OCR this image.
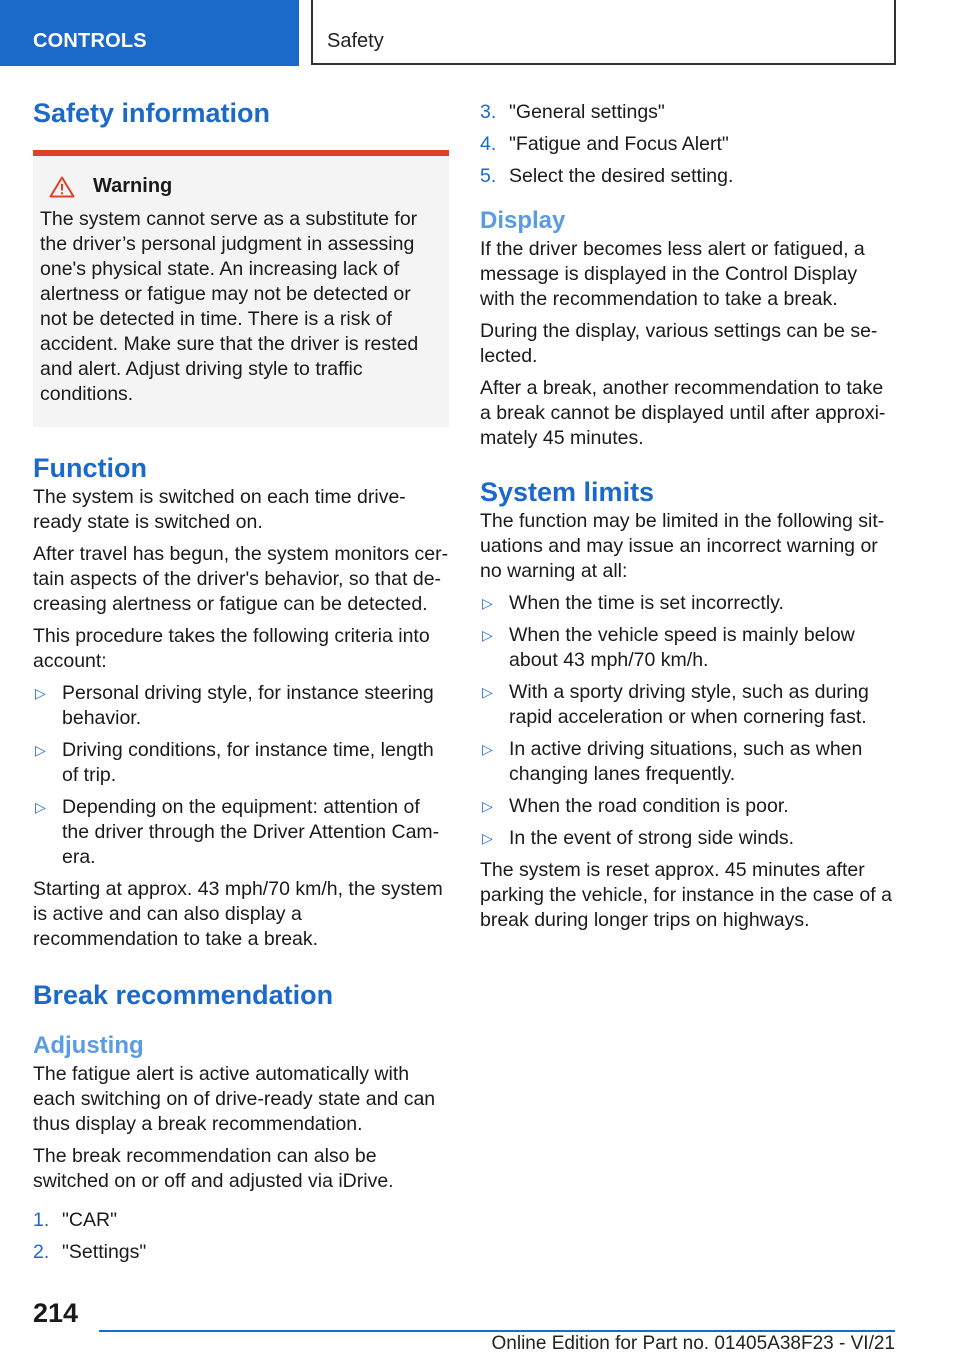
CONTROLS	Safety
Safety information
Warning

The system cannot serve as a substitute for the driver’s personal judgment in assessing one's physical state. An increasing lack of alertness or fatigue may not be detected or not be detected in time. There is a risk of accident. Make sure that the driver is rested and alert. Adjust driving style to traffic conditions.

Function

The system is switched on each time drive-ready state is switched on.

After travel has begun, the system monitors cer‐tain aspects of the driver's behavior, so that de‐creasing alertness or fatigue can be detected.

This procedure takes the following criteria into account:

▷ Personal driving style, for instance steering behavior.
▷ Driving conditions, for instance time, length of trip.
▷ Depending on the equipment: attention of the driver through the Driver Attention Cam‐era.

Starting at approx. 43 mph/70 km/h, the system is active and can also display a recommendation to take a break.

Break recommendation
Adjusting

The fatigue alert is active automatically with each switching on of drive-ready state and can thus display a break recommendation.

The break recommendation can also be switched on or off and adjusted via iDrive.

1. "CAR"
2. "Settings"
3. "General settings"
4. "Fatigue and Focus Alert"
5. Select the desired setting.
Display

If the driver becomes less alert or fatigued, a message is displayed in the Control Display with the recommendation to take a break.

During the display, various settings can be se‐lected.

After a break, another recommendation to take a break cannot be displayed until after approxi‐mately 45 minutes.

System limits

The function may be limited in the following sit‐uations and may issue an incorrect warning or no warning at all:

▷ When the time is set incorrectly.
▷ When the vehicle speed is mainly below about 43 mph/70 km/h.
▷ With a sporty driving style, such as during rapid acceleration or when cornering fast.
▷ In active driving situations, such as when changing lanes frequently.
▷ When the road condition is poor.
▷ In the event of strong side winds.

The system is reset approx. 45 minutes after parking the vehicle, for instance in the case of a break during longer trips on highways.

214
Online Edition for Part no. 01405A38F23 - VI/21
